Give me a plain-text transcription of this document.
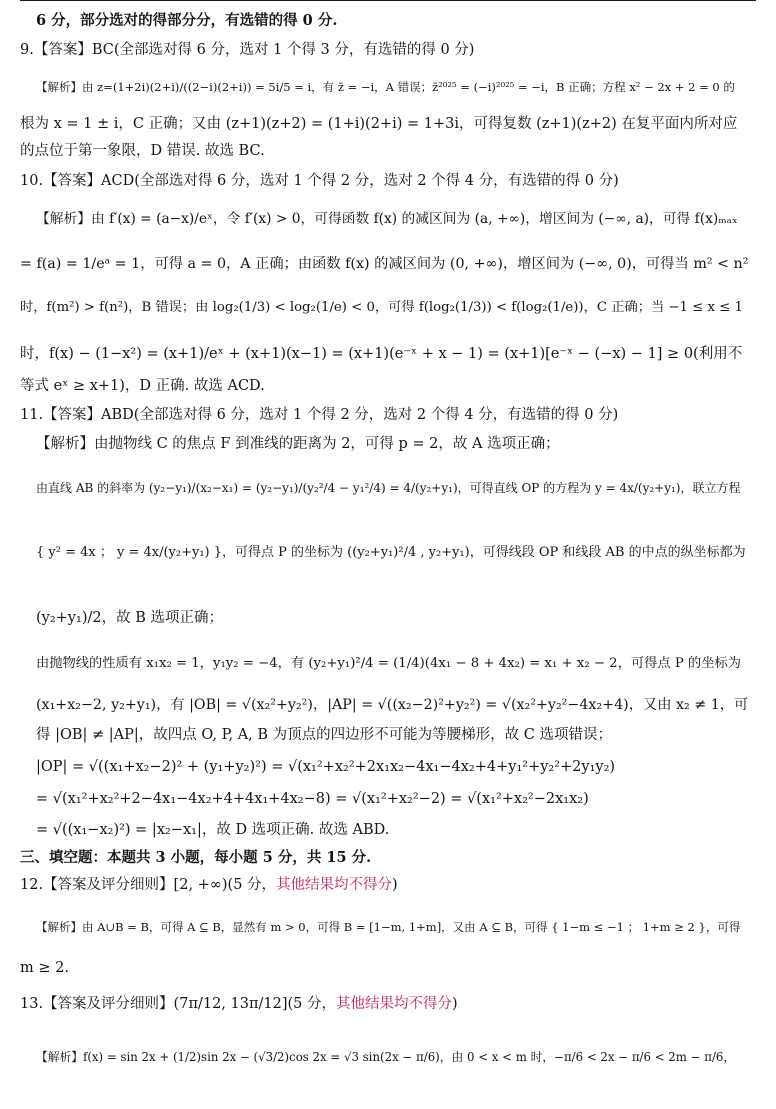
6 分，部分选对的得部分分，有选错的得 0 分.
9.【答案】BC(全部选对得 6 分，选对 1 个得 3 分，有选错的得 0 分)
【解析】由 z=(1+2i)(2+i)/((2−i)(2+i)) = 5i/5 = i，有 z̄ = −i，A 错误；z̄²⁰²⁵ = (−i)²⁰²⁵ = −i，B 正确；方程 x² − 2x + 2 = 0 的
根为 x = 1 ± i，C 正确；又由 (z+1)(z+2) = (1+i)(2+i) = 1+3i，可得复数 (z+1)(z+2) 在复平面内所对应
的点位于第一象限，D 错误. 故选 BC.
10.【答案】ACD(全部选对得 6 分，选对 1 个得 2 分，选对 2 个得 4 分，有选错的得 0 分)
【解析】由 f′(x) = (a−x)/eˣ，令 f′(x) > 0，可得函数 f(x) 的减区间为 (a, +∞)，增区间为 (−∞, a)，可得 f(x)ₘₐₓ
= f(a) = 1/eᵃ = 1，可得 a = 0，A 正确；由函数 f(x) 的减区间为 (0, +∞)，增区间为 (−∞, 0)，可得当 m² < n²
时，f(m²) > f(n²)，B 错误；由 log₂(1/3) < log₂(1/e) < 0，可得 f(log₂(1/3)) < f(log₂(1/e))，C 正确；当 −1 ≤ x ≤ 1
时，f(x) − (1−x²) = (x+1)/eˣ + (x+1)(x−1) = (x+1)(e⁻ˣ + x − 1) = (x+1)[e⁻ˣ − (−x) − 1] ≥ 0(利用不
等式 eˣ ≥ x+1)，D 正确. 故选 ACD.
11.【答案】ABD(全部选对得 6 分，选对 1 个得 2 分，选对 2 个得 4 分，有选错的得 0 分)
【解析】由抛物线 C 的焦点 F 到准线的距离为 2，可得 p = 2，故 A 选项正确；
由直线 AB 的斜率为 (y₂−y₁)/(x₂−x₁) = (y₂−y₁)/(y₂²/4 − y₁²/4) = 4/(y₂+y₁)，可得直线 OP 的方程为 y = 4x/(y₂+y₁)，联立方程
{ y² = 4x ； y = 4x/(y₂+y₁) }，可得点 P 的坐标为 ((y₂+y₁)²/4 , y₂+y₁)，可得线段 OP 和线段 AB 的中点的纵坐标都为
(y₂+y₁)/2，故 B 选项正确；
由抛物线的性质有 x₁x₂ = 1，y₁y₂ = −4，有 (y₂+y₁)²/4 = (1/4)(4x₁ − 8 + 4x₂) = x₁ + x₂ − 2，可得点 P 的坐标为
(x₁+x₂−2, y₂+y₁)，有 |OB| = √(x₂²+y₂²)，|AP| = √((x₂−2)²+y₂²) = √(x₂²+y₂²−4x₂+4)，又由 x₂ ≠ 1，可
得 |OB| ≠ |AP|，故四点 O, P, A, B 为顶点的四边形不可能为等腰梯形，故 C 选项错误；
|OP| = √((x₁+x₂−2)² + (y₁+y₂)²) = √(x₁²+x₂²+2x₁x₂−4x₁−4x₂+4+y₁²+y₂²+2y₁y₂)
= √(x₁²+x₂²+2−4x₁−4x₂+4+4x₁+4x₂−8) = √(x₁²+x₂²−2) = √(x₁²+x₂²−2x₁x₂)
= √((x₁−x₂)²) = |x₂−x₁|，故 D 选项正确. 故选 ABD.
三、填空题：本题共 3 小题，每小题 5 分，共 15 分.
12.【答案及评分细则】[2, +∞)(5 分，其他结果均不得分)
【解析】由 A∪B = B，可得 A ⊆ B，显然有 m > 0，可得 B = [1−m, 1+m]，又由 A ⊆ B，可得 { 1−m ≤ −1 ； 1+m ≥ 2 }，可得
m ≥ 2.
13.【答案及评分细则】(7π/12, 13π/12](5 分，其他结果均不得分)
【解析】f(x) = sin 2x + (1/2)sin 2x − (√3/2)cos 2x = √3 sin(2x − π/6)，由 0 < x < m 时，−π/6 < 2x − π/6 < 2m − π/6，
